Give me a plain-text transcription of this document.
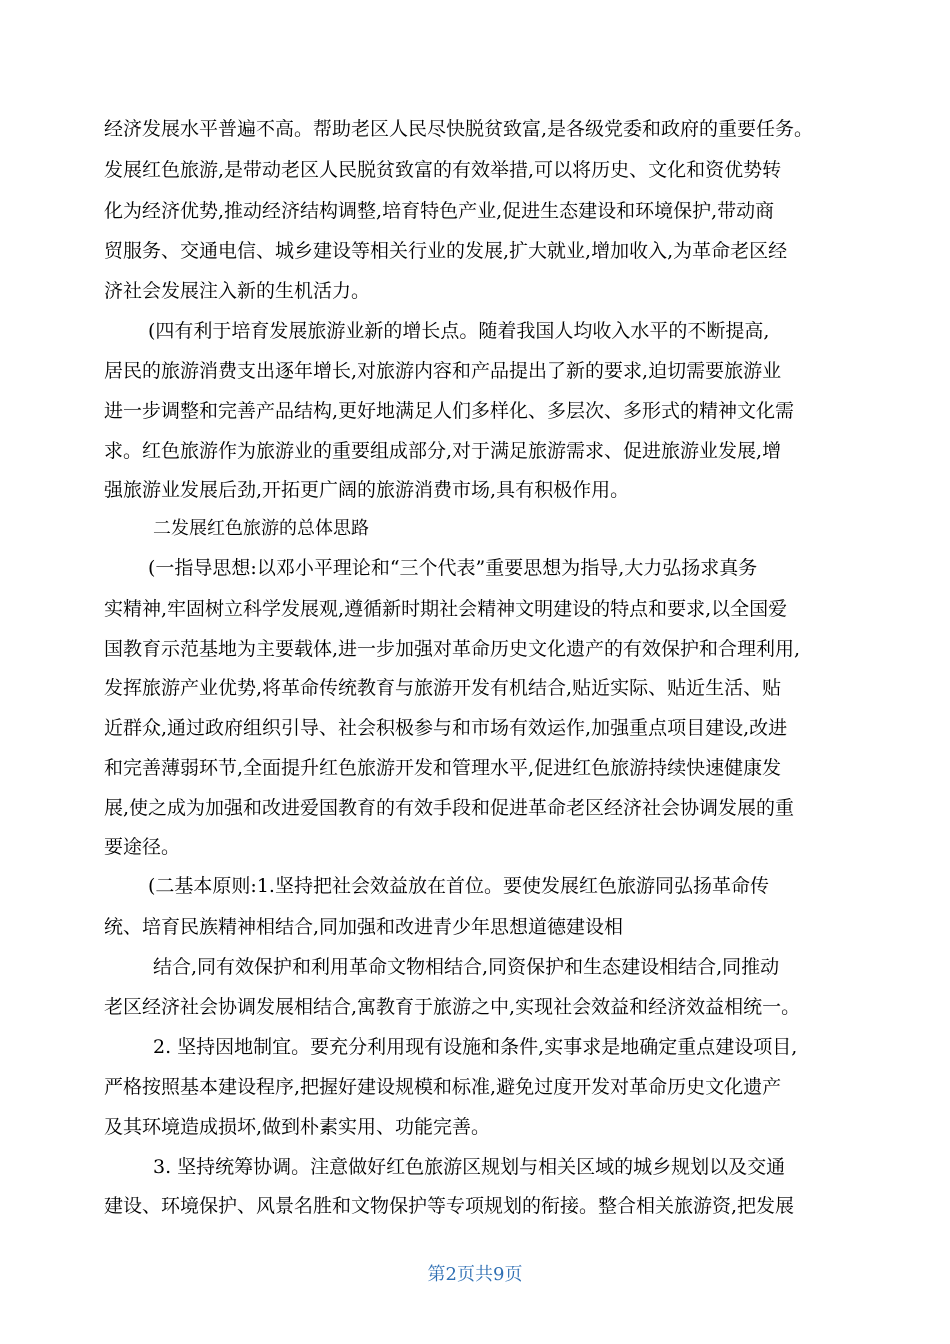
经济发展水平普遍不高。帮助老区人民尽快脱贫致富,是各级党委和政府的重要任务。
发展红色旅游,是带动老区人民脱贫致富的有效举措,可以将历史、文化和资优势转
化为经济优势,推动经济结构调整,培育特色产业,促进生态建设和环境保护,带动商
贸服务、交通电信、城乡建设等相关行业的发展,扩大就业,增加收入,为革命老区经
济社会发展注入新的生机活力。
(四有利于培育发展旅游业新的增长点。随着我国人均收入水平的不断提高,
居民的旅游消费支出逐年增长,对旅游内容和产品提出了新的要求,迫切需要旅游业
进一步调整和完善产品结构,更好地满足人们多样化、多层次、多形式的精神文化需
求。红色旅游作为旅游业的重要组成部分,对于满足旅游需求、促进旅游业发展,增
强旅游业发展后劲,开拓更广阔的旅游消费市场,具有积极作用。
二发展红色旅游的总体思路
(一指导思想:以邓小平理论和“三个代表”重要思想为指导,大力弘扬求真务
实精神,牢固树立科学发展观,遵循新时期社会精神文明建设的特点和要求,以全国爱
国教育示范基地为主要载体,进一步加强对革命历史文化遗产的有效保护和合理利用,
发挥旅游产业优势,将革命传统教育与旅游开发有机结合,贴近实际、贴近生活、贴
近群众,通过政府组织引导、社会积极参与和市场有效运作,加强重点项目建设,改进
和完善薄弱环节,全面提升红色旅游开发和管理水平,促进红色旅游持续快速健康发
展,使之成为加强和改进爱国教育的有效手段和促进革命老区经济社会协调发展的重
要途径。
(二基本原则:1.坚持把社会效益放在首位。要使发展红色旅游同弘扬革命传
统、培育民族精神相结合,同加强和改进青少年思想道德建设相
结合,同有效保护和利用革命文物相结合,同资保护和生态建设相结合,同推动
老区经济社会协调发展相结合,寓教育于旅游之中,实现社会效益和经济效益相统一。
2. 坚持因地制宜。要充分利用现有设施和条件,实事求是地确定重点建设项目,
严格按照基本建设程序,把握好建设规模和标准,避免过度开发对革命历史文化遗产
及其环境造成损坏,做到朴素实用、功能完善。
3. 坚持统筹协调。注意做好红色旅游区规划与相关区域的城乡规划以及交通
建设、环境保护、风景名胜和文物保护等专项规划的衔接。整合相关旅游资,把发展
第2页共9页
